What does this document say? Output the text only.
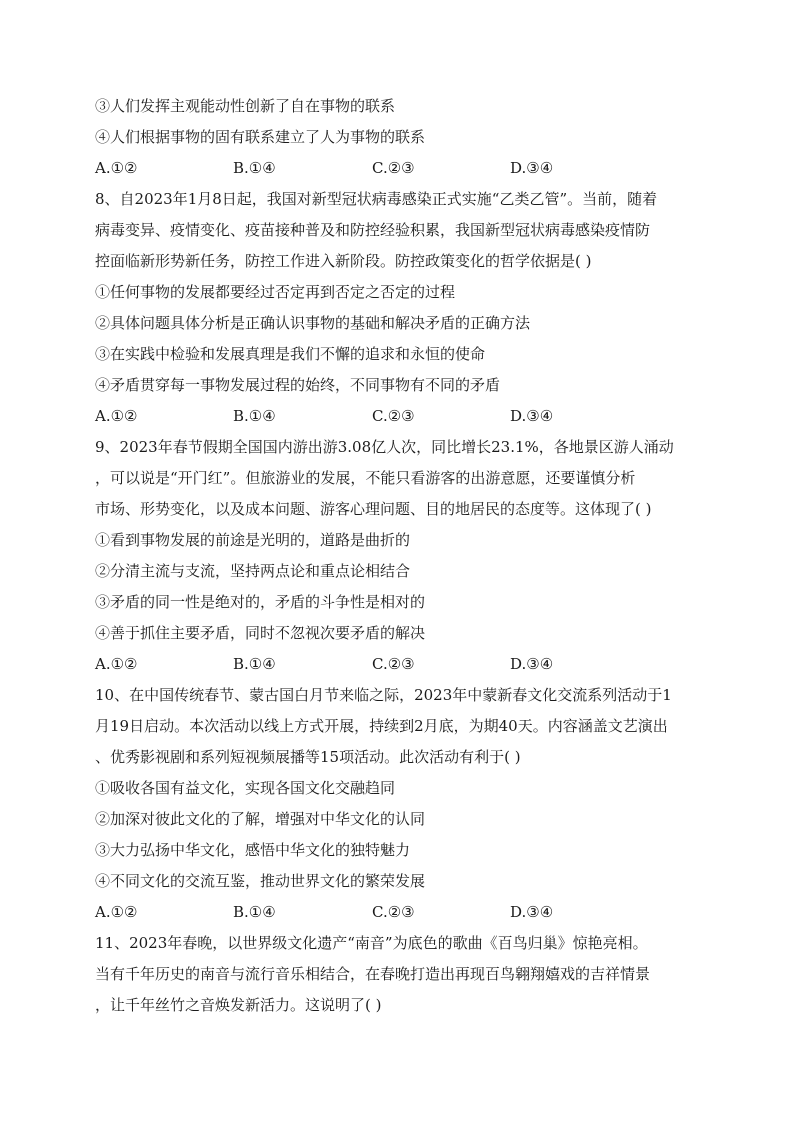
③人们发挥主观能动性创新了自在事物的联系
④人们根据事物的固有联系建立了人为事物的联系
A.①②	B.①④	C.②③	D.③④
8、自2023年1月8日起，我国对新型冠状病毒感染正式实施“乙类乙管”。当前，随着
病毒变异、疫情变化、疫苗接种普及和防控经验积累，我国新型冠状病毒感染疫情防
控面临新形势新任务，防控工作进入新阶段。防控政策变化的哲学依据是( )
①任何事物的发展都要经过否定再到否定之否定的过程
②具体问题具体分析是正确认识事物的基础和解决矛盾的正确方法
③在实践中检验和发展真理是我们不懈的追求和永恒的使命
④矛盾贯穿每一事物发展过程的始终，不同事物有不同的矛盾
A.①②	B.①④	C.②③	D.③④
9、2023年春节假期全国国内游出游3.08亿人次，同比增长23.1%，各地景区游人涌动
，可以说是“开门红”。但旅游业的发展，不能只看游客的出游意愿，还要谨慎分析
市场、形势变化，以及成本问题、游客心理问题、目的地居民的态度等。这体现了( )
①看到事物发展的前途是光明的，道路是曲折的
②分清主流与支流，坚持两点论和重点论相结合
③矛盾的同一性是绝对的，矛盾的斗争性是相对的
④善于抓住主要矛盾，同时不忽视次要矛盾的解决
A.①②	B.①④	C.②③	D.③④
10、在中国传统春节、蒙古国白月节来临之际，2023年中蒙新春文化交流系列活动于1
月19日启动。本次活动以线上方式开展，持续到2月底，为期40天。内容涵盖文艺演出
、优秀影视剧和系列短视频展播等15项活动。此次活动有利于( )
①吸收各国有益文化，实现各国文化交融趋同
②加深对彼此文化的了解，增强对中华文化的认同
③大力弘扬中华文化，感悟中华文化的独特魅力
④不同文化的交流互鉴，推动世界文化的繁荣发展
A.①②	B.①④	C.②③	D.③④
11、2023年春晚，以世界级文化遗产“南音”为底色的歌曲《百鸟归巢》惊艳亮相。
当有千年历史的南音与流行音乐相结合，在春晚打造出再现百鸟翱翔嬉戏的吉祥情景
，让千年丝竹之音焕发新活力。这说明了( )
